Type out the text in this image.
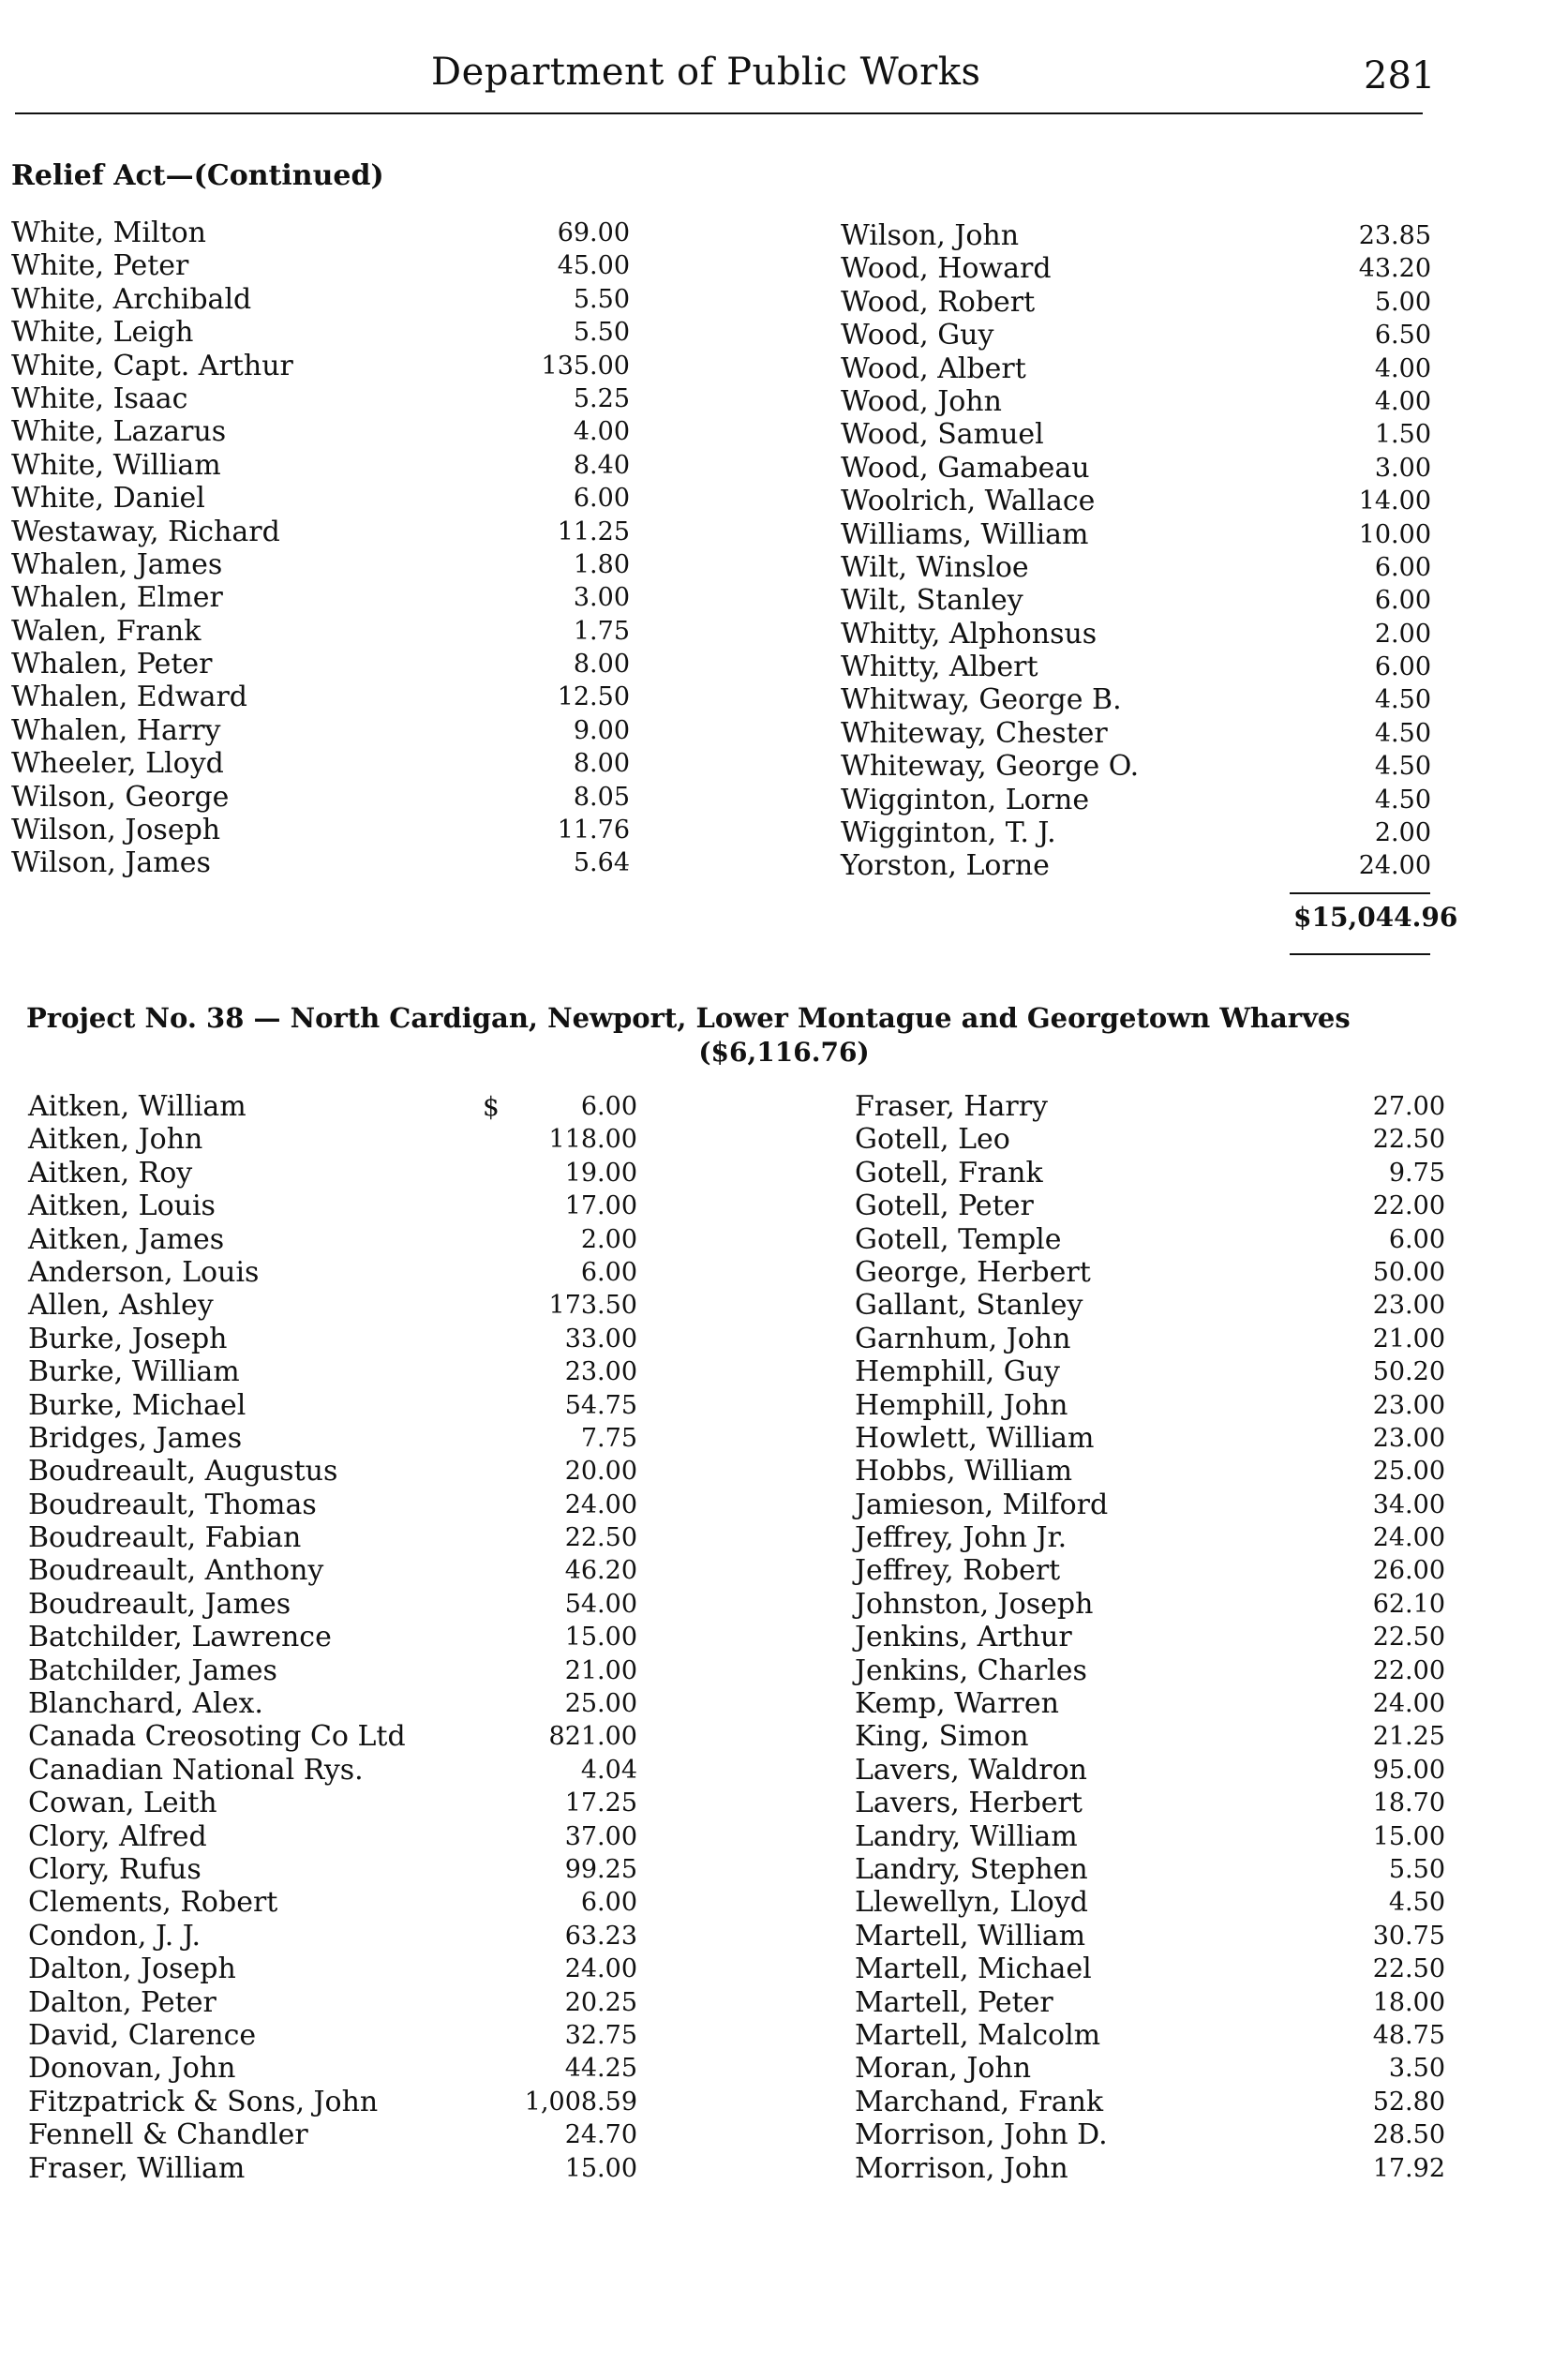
Department of Public Works	281
Relief Act—(Continued)
White, Milton	69.00
White, Peter	45.00
White, Archibald	5.50
White, Leigh	5.50
White, Capt. Arthur	135.00
White, Isaac	5.25
White, Lazarus	4.00
White, William	8.40
White, Daniel	6.00
Westaway, Richard	11.25
Whalen, James	1.80
Whalen, Elmer	3.00
Walen, Frank	1.75
Whalen, Peter	8.00
Whalen, Edward	12.50
Whalen, Harry	9.00
Wheeler, Lloyd	8.00
Wilson, George	8.05
Wilson, Joseph	11.76
Wilson, James	5.64
Wilson, John	23.85
Wood, Howard	43.20
Wood, Robert	5.00
Wood, Guy	6.50
Wood, Albert	4.00
Wood, John	4.00
Wood, Samuel	1.50
Wood, Gamabeau	3.00
Woolrich, Wallace	14.00
Williams, William	10.00
Wilt, Winsloe	6.00
Wilt, Stanley	6.00
Whitty, Alphonsus	2.00
Whitty, Albert	6.00
Whitway, George B.	4.50
Whiteway, Chester	4.50
Whiteway, George O.	4.50
Wigginton, Lorne	4.50
Wigginton, T. J.	2.00
Yorston, Lorne	24.00
$15,044.96
Project No. 38 — North Cardigan, Newport, Lower Montague and Georgetown Wharves
($6,116.76)
$
Aitken, William	6.00
Aitken, John	118.00
Aitken, Roy	19.00
Aitken, Louis	17.00
Aitken, James	2.00
Anderson, Louis	6.00
Allen, Ashley	173.50
Burke, Joseph	33.00
Burke, William	23.00
Burke, Michael	54.75
Bridges, James	7.75
Boudreault, Augustus	20.00
Boudreault, Thomas	24.00
Boudreault, Fabian	22.50
Boudreault, Anthony	46.20
Boudreault, James	54.00
Batchilder, Lawrence	15.00
Batchilder, James	21.00
Blanchard, Alex.	25.00
Canada Creosoting Co Ltd	821.00
Canadian National Rys.	4.04
Cowan, Leith	17.25
Clory, Alfred	37.00
Clory, Rufus	99.25
Clements, Robert	6.00
Condon, J. J.	63.23
Dalton, Joseph	24.00
Dalton, Peter	20.25
David, Clarence	32.75
Donovan, John	44.25
Fitzpatrick & Sons, John	1,008.59
Fennell & Chandler	24.70
Fraser, William	15.00
Fraser, Harry	27.00
Gotell, Leo	22.50
Gotell, Frank	9.75
Gotell, Peter	22.00
Gotell, Temple	6.00
George, Herbert	50.00
Gallant, Stanley	23.00
Garnhum, John	21.00
Hemphill, Guy	50.20
Hemphill, John	23.00
Howlett, William	23.00
Hobbs, William	25.00
Jamieson, Milford	34.00
Jeffrey, John Jr.	24.00
Jeffrey, Robert	26.00
Johnston, Joseph	62.10
Jenkins, Arthur	22.50
Jenkins, Charles	22.00
Kemp, Warren	24.00
King, Simon	21.25
Lavers, Waldron	95.00
Lavers, Herbert	18.70
Landry, William	15.00
Landry, Stephen	5.50
Llewellyn, Lloyd	4.50
Martell, William	30.75
Martell, Michael	22.50
Martell, Peter	18.00
Martell, Malcolm	48.75
Moran, John	3.50
Marchand, Frank	52.80
Morrison, John D.	28.50
Morrison, John	17.92
